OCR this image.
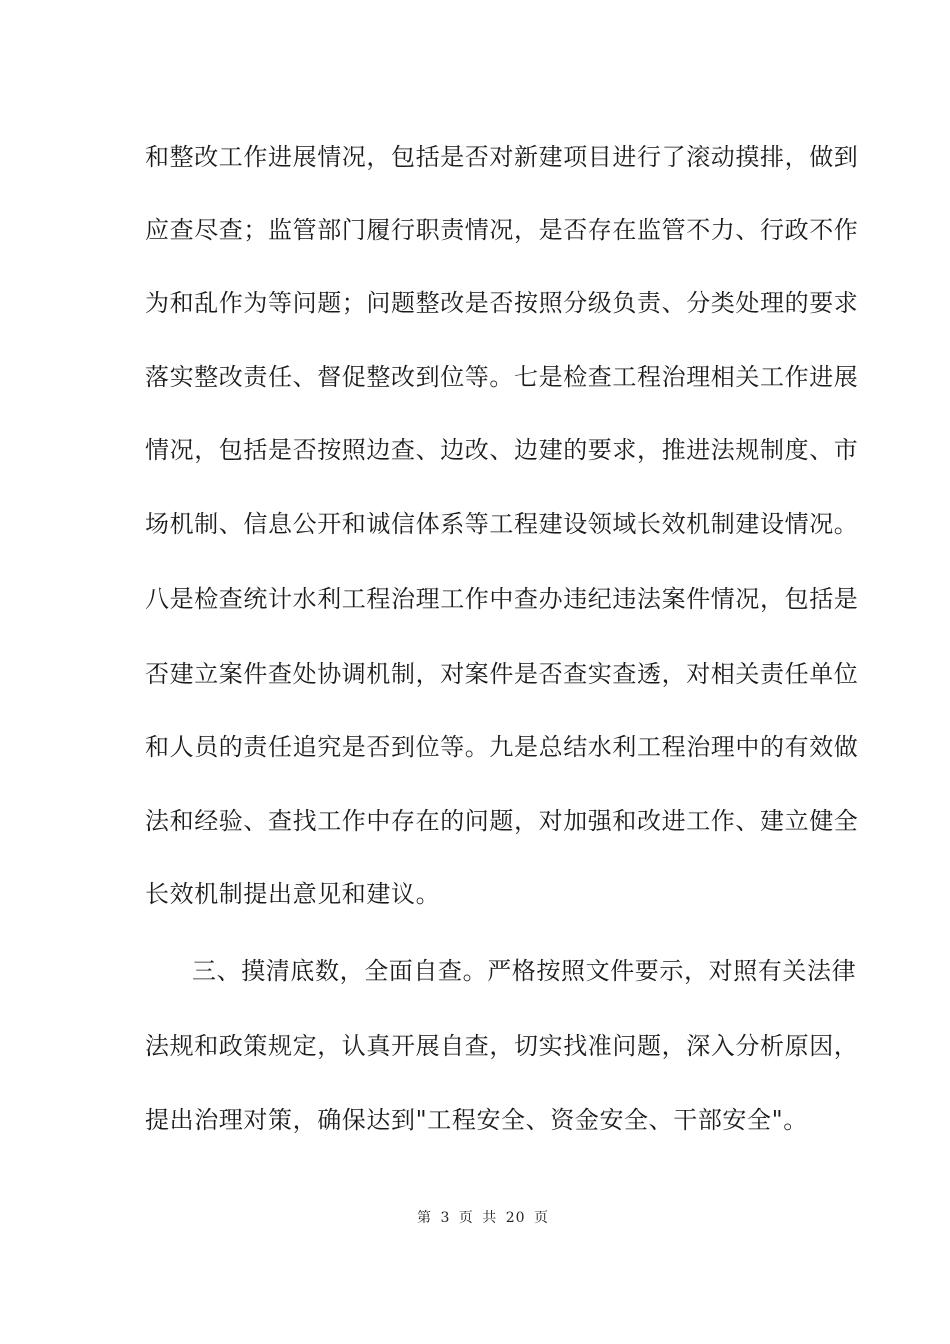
和整改工作进展情况，包括是否对新建项目进行了滚动摸排，做到
应查尽查；监管部门履行职责情况，是否存在监管不力、行政不作
为和乱作为等问题；问题整改是否按照分级负责、分类处理的要求
落实整改责任、督促整改到位等。七是检查工程治理相关工作进展
情况，包括是否按照边查、边改、边建的要求，推进法规制度、市
场机制、信息公开和诚信体系等工程建设领域长效机制建设情况。
八是检查统计水利工程治理工作中查办违纪违法案件情况，包括是
否建立案件查处协调机制，对案件是否查实查透，对相关责任单位
和人员的责任追究是否到位等。九是总结水利工程治理中的有效做
法和经验、查找工作中存在的问题，对加强和改进工作、建立健全
长效机制提出意见和建议。
三、摸清底数，全面自查。严格按照文件要示，对照有关法律
法规和政策规定，认真开展自查，切实找准问题，深入分析原因，
提出治理对策，确保达到"工程安全、资金安全、干部安全"。
第 3 页 共 20 页
